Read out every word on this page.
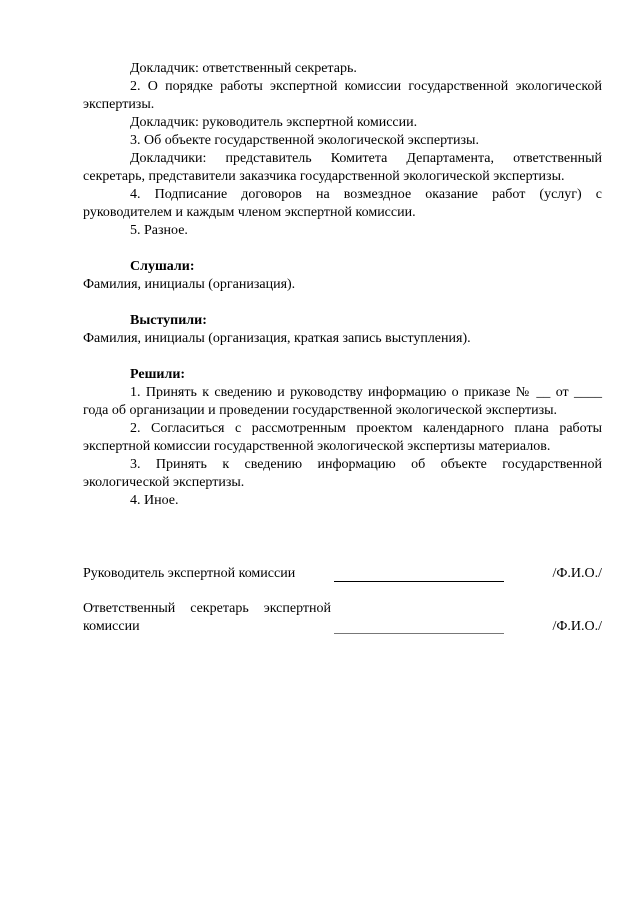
Докладчик: ответственный секретарь.

2. О порядке работы экспертной комиссии государственной экологической экспертизы.

Докладчик: руководитель экспертной комиссии.

3. Об объекте государственной экологической экспертизы.

Докладчики: представитель Комитета Департамента, ответственный секретарь, представители заказчика государственной экологической экспертизы.

4. Подписание договоров на возмездное оказание работ (услуг) с руководителем и каждым членом экспертной комиссии.

5. Разное.

Слушали:

Фамилия, инициалы (организация).

Выступили:

Фамилия, инициалы (организация, краткая запись выступления).

Решили:

1. Принять к сведению и руководству информацию о приказе № __ от ____ года об организации и проведении государственной экологической экспертизы.

2. Согласиться с рассмотренным проектом календарного плана работы экспертной комиссии государственной экологической экспертизы материалов.

3. Принять к сведению информацию об объекте государственной экологической экспертизы.

4. Иное.

Руководитель экспертной комиссии	/Ф.И.О./
Ответственный секретарь экспертной
комиссии	/Ф.И.О./
